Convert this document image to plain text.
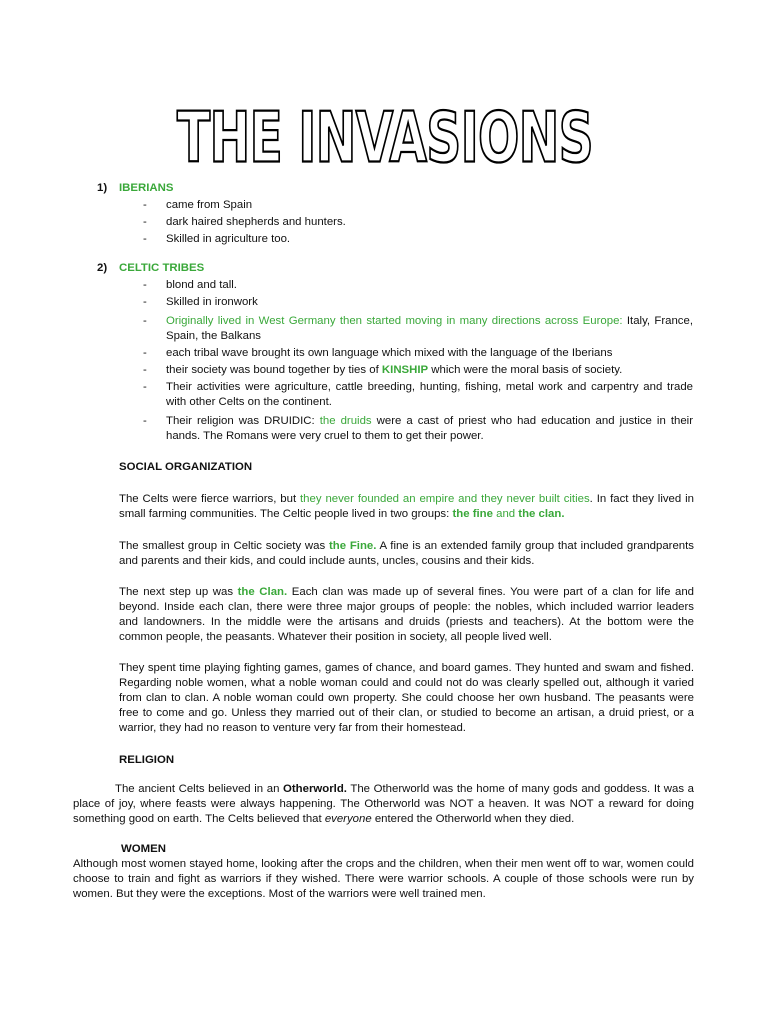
THE INVASIONS
1) IBERIANS
- came from Spain
- dark haired shepherds and hunters.
- Skilled in agriculture too.
2) CELTIC TRIBES
- blond and tall.
- Skilled in ironwork
- Originally lived in West Germany then started moving in many directions across Europe: Italy, France, Spain, the Balkans
- each tribal wave brought its own language which mixed with the language of the Iberians
- their society was bound together by ties of KINSHIP which were the moral basis of society.
- Their activities were agriculture, cattle breeding, hunting, fishing, metal work and carpentry and trade with other Celts on the continent.
- Their religion was DRUIDIC: the druids were a cast of priest who had education and justice in their hands. The Romans were very cruel to them to get their power.
SOCIAL ORGANIZATION

The Celts were fierce warriors, but they never founded an empire and they never built cities. In fact they lived in small farming communities. The Celtic people lived in two groups: the fine and the clan.

The smallest group in Celtic society was the Fine. A fine is an extended family group that included grandparents and parents and their kids, and could include aunts, uncles, cousins and their kids.

The next step up was the Clan. Each clan was made up of several fines. You were part of a clan for life and beyond. Inside each clan, there were three major groups of people: the nobles, which included warrior leaders and landowners. In the middle were the artisans and druids (priests and teachers). At the bottom were the common people, the peasants. Whatever their position in society, all people lived well.

They spent time playing fighting games, games of chance, and board games. They hunted and swam and fished. Regarding noble women, what a noble woman could and could not do was clearly spelled out, although it varied from clan to clan. A noble woman could own property. She could choose her own husband. The peasants were free to come and go. Unless they married out of their clan, or studied to become an artisan, a druid priest, or a warrior, they had no reason to venture very far from their homestead.

RELIGION

The ancient Celts believed in an Otherworld. The Otherworld was the home of many gods and goddess. It was a place of joy, where feasts were always happening. The Otherworld was NOT a heaven. It was NOT a reward for doing something good on earth. The Celts believed that everyone entered the Otherworld when they died.

WOMEN

Although most women stayed home, looking after the crops and the children, when their men went off to war, women could choose to train and fight as warriors if they wished. There were warrior schools. A couple of those schools were run by women. But they were the exceptions. Most of the warriors were well trained men.
